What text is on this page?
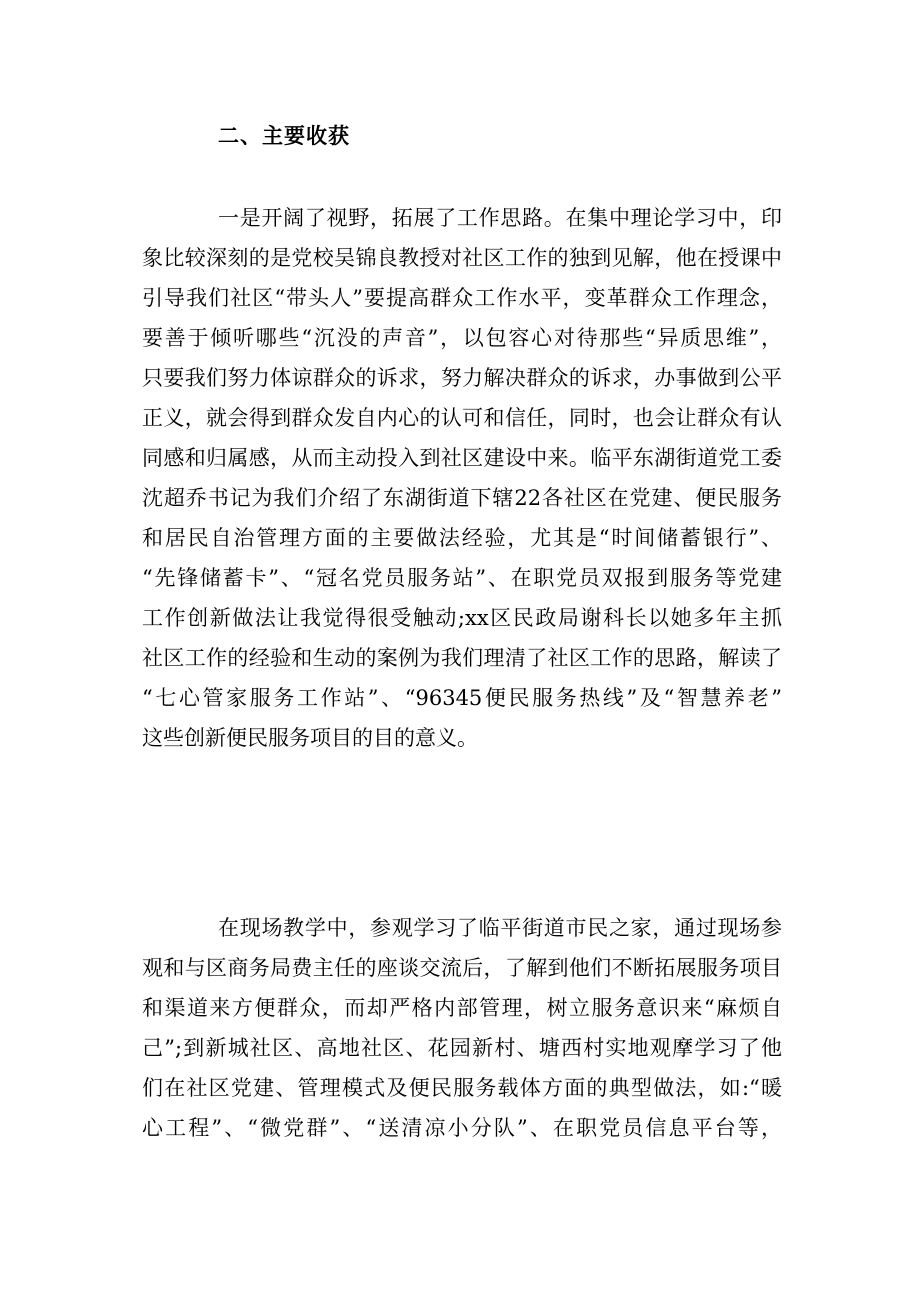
二、主要收获
一是开阔了视野，拓展了工作思路。在集中理论学习中，印
象比较深刻的是党校吴锦良教授对社区工作的独到见解，他在授课中
引导我们社区“带头人”要提高群众工作水平，变革群众工作理念，
要善于倾听哪些“沉没的声音”，以包容心对待那些“异质思维”，
只要我们努力体谅群众的诉求，努力解决群众的诉求，办事做到公平
正义，就会得到群众发自内心的认可和信任，同时，也会让群众有认
同感和归属感，从而主动投入到社区建设中来。临平东湖街道党工委
沈超乔书记为我们介绍了东湖街道下辖22各社区在党建、便民服务
和居民自治管理方面的主要做法经验，尤其是“时间储蓄银行”、
“先锋储蓄卡”、“冠名党员服务站”、在职党员双报到服务等党建
工作创新做法让我觉得很受触动;xx区民政局谢科长以她多年主抓
社区工作的经验和生动的案例为我们理清了社区工作的思路，解读了
“七心管家服务工作站”、“96345便民服务热线”及“智慧养老”
这些创新便民服务项目的目的意义。
在现场教学中，参观学习了临平街道市民之家，通过现场参
观和与区商务局费主任的座谈交流后，了解到他们不断拓展服务项目
和渠道来方便群众，而却严格内部管理，树立服务意识来“麻烦自
己”;到新城社区、高地社区、花园新村、塘西村实地观摩学习了他
们在社区党建、管理模式及便民服务载体方面的典型做法，如:“暖
心工程”、“微党群”、“送清凉小分队”、在职党员信息平台等，
